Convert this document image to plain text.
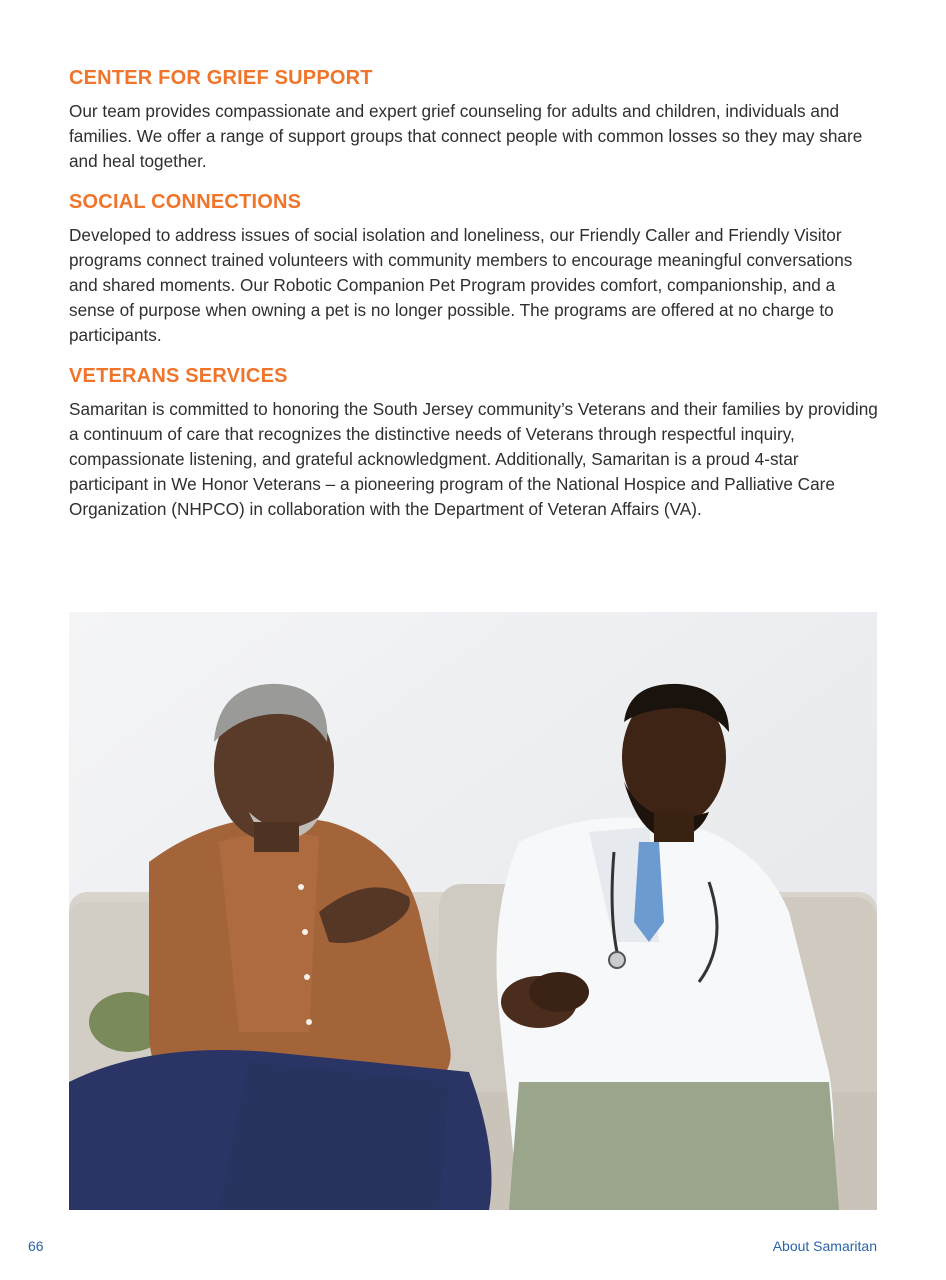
CENTER FOR GRIEF SUPPORT

Our team provides compassionate and expert grief counseling for adults and children, individuals and families. We offer a range of support groups that connect people with common losses so they may share and heal together.

SOCIAL CONNECTIONS

Developed to address issues of social isolation and loneliness, our Friendly Caller and Friendly Visitor programs connect trained volunteers with community members to encourage meaningful conversations and shared moments. Our Robotic Companion Pet Program provides comfort, companionship, and a sense of purpose when owning a pet is no longer possible. The programs are offered at no charge to participants.

VETERANS SERVICES

Samaritan is committed to honoring the South Jersey community’s Veterans and their families by providing a continuum of care that recognizes the distinctive needs of Veterans through respectful inquiry, compassionate listening, and grateful acknowledgment. Additionally, Samaritan is a proud 4-star participant in We Honor Veterans – a pioneering program of the National Hospice and Palliative Care Organization (NHPCO) in collaboration with the Department of Veteran Affairs (VA).

66	About Samaritan
